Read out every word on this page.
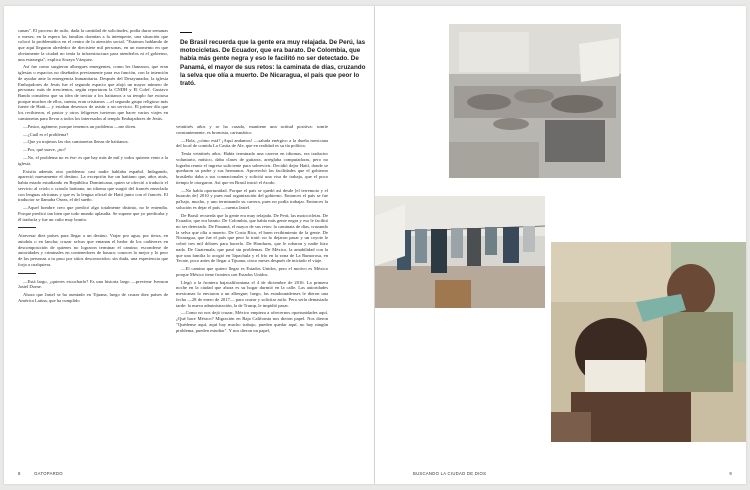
canan". El proceso de asilo, dada la cantidad de solicitudes, podía durar semanas o meses; en la espera las familias dormían a la intemperie, una situación que colocó la problemática en el centro de la atención social. "Estamos hablando de que aquí llegaron alrededor de diecisiete mil personas, en un momento en que obviamente la ciudad no tenía la infraestructura para atenderlos ni el gobierno, una estrategia", explica Soraya Vázquez.

Así fue como surgieron albergues emergentes, como les llamaron, que eran iglesias o espacios no diseñados previamente para esa función, con la intención de ayudar ante la emergencia humanitaria. Después del Desayunador, la iglesia Embajadores de Jesús fue el segundo espacio que alojó un mayor número de personas: más de trescientos, según reportaron la CNDH y El Colef. Gustavo Banda considera que su idea de invitar a los haitianos a su templo fue exitosa porque muchos de ellos, cuenta, eran cristianos —el segundo grupo religioso más fuerte de Haití— y estaban deseosos de asistir a un servicio. El primer día que los recibieron, el pastor y otros feligreses tuvieron que hacer varios viajes en camionetas para llevar a todos los interesados al templo Embajadores de Jesús.

—Pastor, agámese, porque tenemos un problema —me dicen.

—¿Cuál es el problema?

—Que ya trajimos las dos camionetas llenas de haitianos.

—Pos, qué suave, ¿no?

—No, el problema no es ése: es que hay más de mil y todos quieren venir a la iglesia.

Existía además otro problema: casi nadie hablaba español. Indagando, apareció nuevamente el destino. La excepción fue un haitiano que, años atrás, había estado estudiando en República Dominicana, quien se ofreció a traducir el servicio al criolo o crioulo haitiano, un idioma que surgió del francés mezclado con lenguas africanas y que es la lengua oficial de Haití junto con el francés. El traductor se llamaba Oseas, el del sueño.

—Aquel hombre creo que predicó algo totalmente distinto, no le entendía. Porque predicó tan bien que todo mundo aplaudía. Se supone que yo predicaba y él traducía y fue un culto muy bonito.

Atravesar diez países para llegar a un destino. Viajar por agua, por tierra, en autobús o en lancha; cruzar selvas que emanan el hedor de los cadáveres en descomposición de quienes no lograron terminar el camino; esconderse de autoridades y criminales en contenedores de basura; conocer lo mejor y lo peor de las personas a tu paso por sitios desconocidos: sin duda, una experiencia que forja a cualquiera.

—Está largo, ¿quieres escucharlo? Es una historia largo —previene Ivenson Jastel Dorne.

Ahora que Jastel se ha asentado en Tijuana, luego de cruzar diez países de América Latina, que ha cumplido

De Brasil recuerda que la gente era muy relajada. De Perú, las motocicletas. De Ecuador, que era barato. De Colombia, que había más gente negra y eso le facilitó no ser detectado. De Panamá, el mayor de sus retos: la caminata de días, cruzando la selva que olía a muerto. De Nicaragua, el país que peor lo trató.

veintitrés años y se ha casado, mantiene una actitud positiva: sonríe constantemente, es bromista, carismático.

—Hola, ¿cómo está? ¡Aquí andamos! —saluda enérgico a la dueña mexicana del local de comida La Casita de Ale, que en realidad es su tía política.

Tenía veintitrés años. Había terminado una carrera en idiomas, era traductor voluntario, músico, daba clases de guitarra, arreglaba computadoras, pero no lograba reunir el ingreso suficiente para sobrevivir. Decidió dejar Haití, donde se quedaron su padre y sus hermanos. Aprovechó las facilidades que el gobierno brasileño daba a sus connacionales y solicitó una visa de trabajo, que el poco tiempo le otorgaron. Así que en Brasil inició el éxodo.

—No había oportunidad. Porque el país se quedó así desde [el terremoto y el huracán de] 2010 y pues mal organización del gobierno. Entonces el país se fue pa'bajo, mucho, y uno terminando su carrera, pues no podía trabajar. Entonces la solución es dejar el país —cuenta Jastel.

De Brasil recuerda que la gente era muy relajada. De Perú, las motocicletas. De Ecuador, que era barato. De Colombia, que había más gente negra y eso le facilitó no ser detectado. De Panamá, el mayor de sus retos: la caminata de días, cruzando la selva que olía a muerto. De Costa Rica, el buen recibimiento de la gente. De Nicaragua, que fue el país que peor lo trató: no lo dejaron pasar y un coyote le cobró tres mil dólares para hacerlo. De Honduras, que le robaron y nadie hizo nada. De Guatemala, que pasó sin problemas. De México, la amabilidad con la que una familia lo acogió en Tapachula y el frío en la zona de La Rumorosa, en Tecate, poco antes de llegar a Tijuana, cinco meses después de iniciado el viaje.

—El camino que quiero llegar es Estados Unidos, pero el motivo es México porque México tiene frontera con Estados Unidos.

Llegó a la frontera bajacaliforniana el 4 de diciembre de 2016. La primera noche en la ciudad que ahora es su hogar durmió en la calle. Las autoridades mexicanas lo enviaron a un albergue; luego, las estadounidenses le dieron una fecha —28 de enero de 2017— para cruzar y solicitar asilo. Pero sería demasiado tarde: la nueva administración, la de Trump, le impidió pasar.

—Como no nos dejó cruzar, México empieza a ofrecernos oportunidades aquí. ¿Qué hace México? Migración en Baja California nos dieron papel. Nos dieron "Quédense aquí, aquí hay mucho trabajo, pueden quedar aquí, no hay ningún problema, pueden estudiar". Y nos dieron un papel,

8	GATOPARDO	BUSCANDO LA CIUDAD DE DIOS	9
